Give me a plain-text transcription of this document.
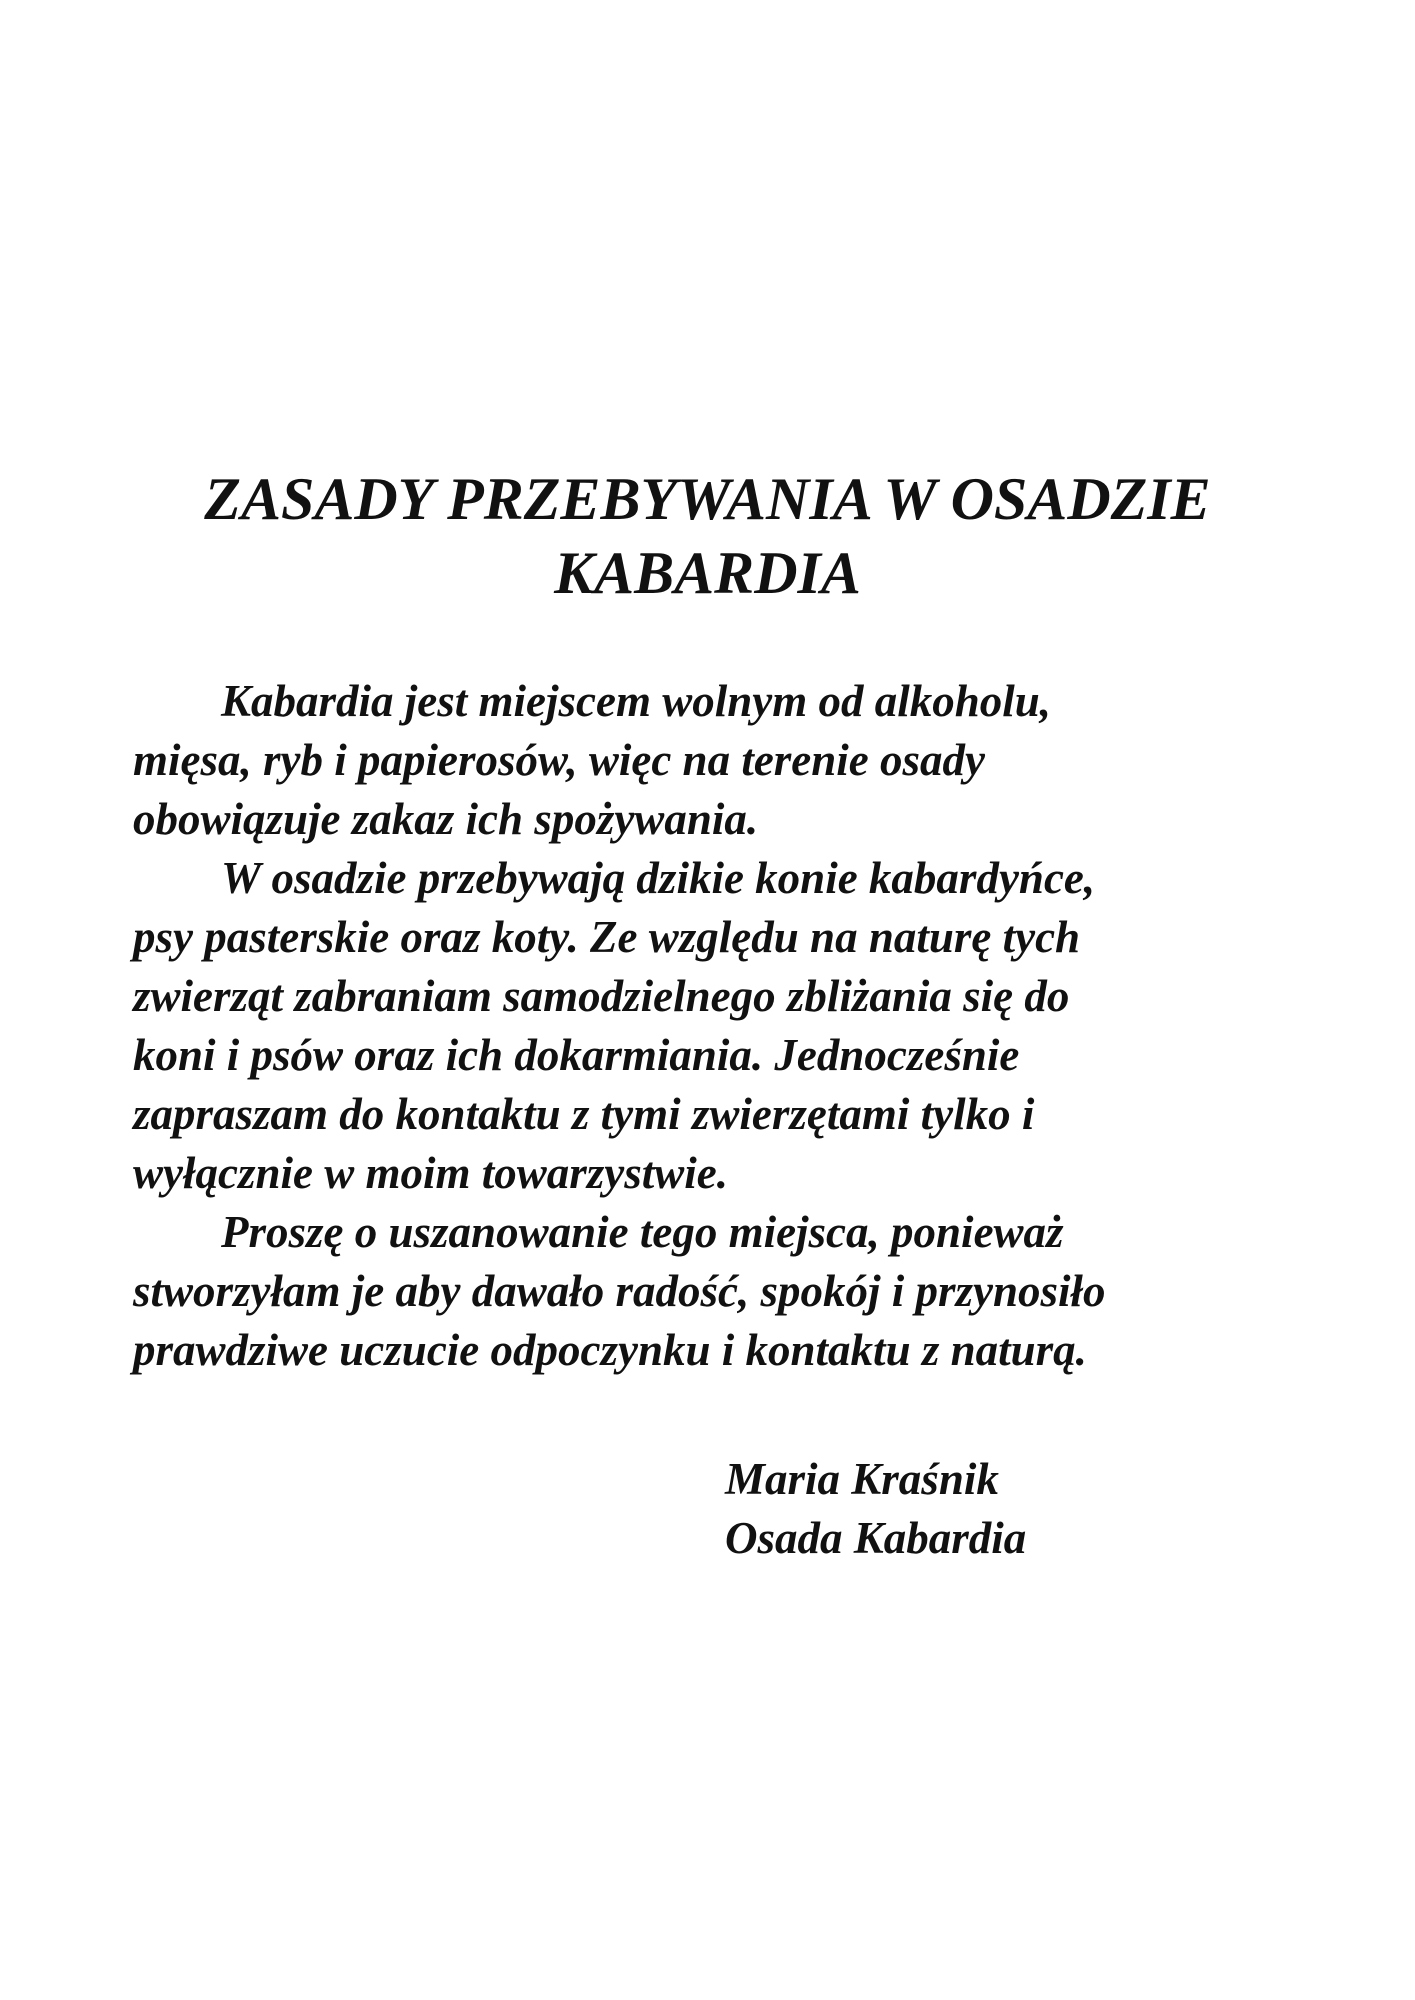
ZASADY PRZEBYWANIA W OSADZIE
KABARDIA

Kabardia jest miejscem wolnym od alkoholu,
mięsa, ryb i papierosów, więc na terenie osady
obowiązuje zakaz ich spożywania.

W osadzie przebywają dzikie konie kabardyńce,
psy pasterskie oraz koty. Ze względu na naturę tych
zwierząt zabraniam samodzielnego zbliżania się do
koni i psów oraz ich dokarmiania. Jednocześnie
zapraszam do kontaktu z tymi zwierzętami tylko i
wyłącznie w moim towarzystwie.

Proszę o uszanowanie tego miejsca, ponieważ
stworzyłam je aby dawało radość, spokój i przynosiło
prawdziwe uczucie odpoczynku i kontaktu z naturą.

Maria Kraśnik
Osada Kabardia
